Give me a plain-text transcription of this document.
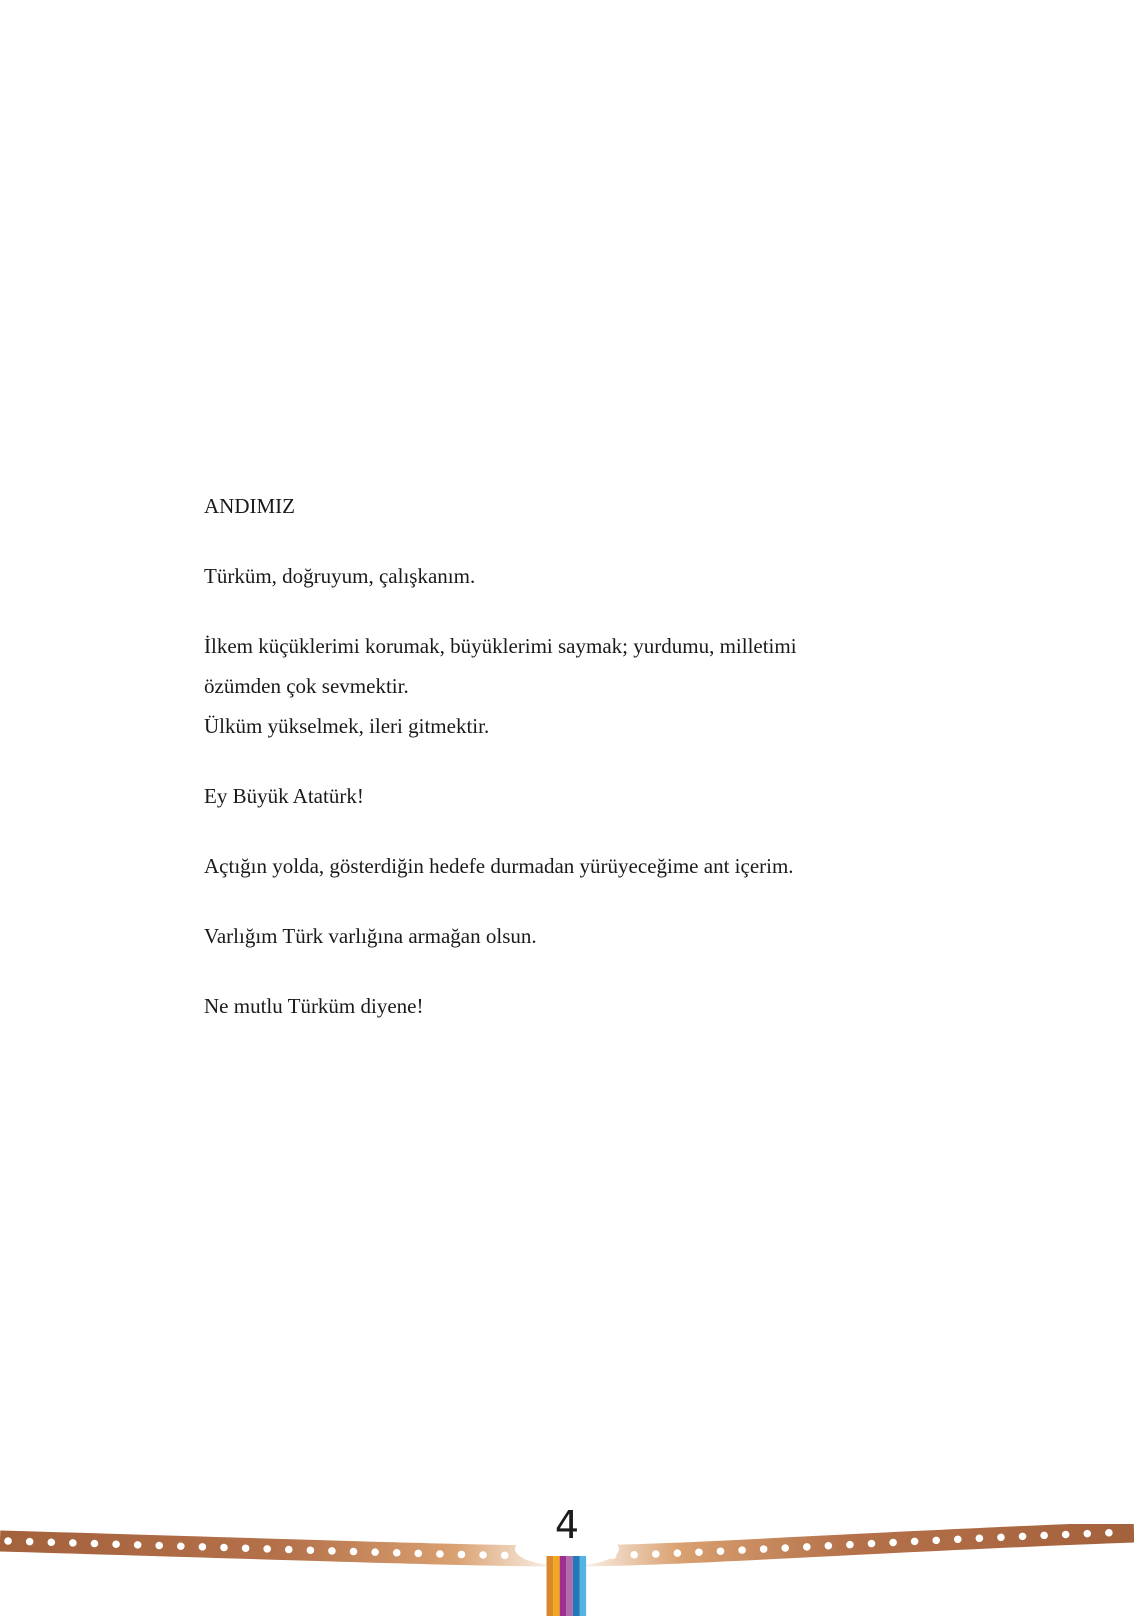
ANDIMIZ

Türküm, doğruyum, çalışkanım.

İlkem küçüklerimi korumak, büyüklerimi saymak; yurdumu, milletimi

özümden çok sevmektir.

Ülküm yükselmek, ileri gitmektir.

Ey Büyük Atatürk!

Açtığın yolda, gösterdiğin hedefe durmadan yürüyeceğime ant içerim.

Varlığım Türk varlığına armağan olsun.

Ne mutlu Türküm diyene!

4
